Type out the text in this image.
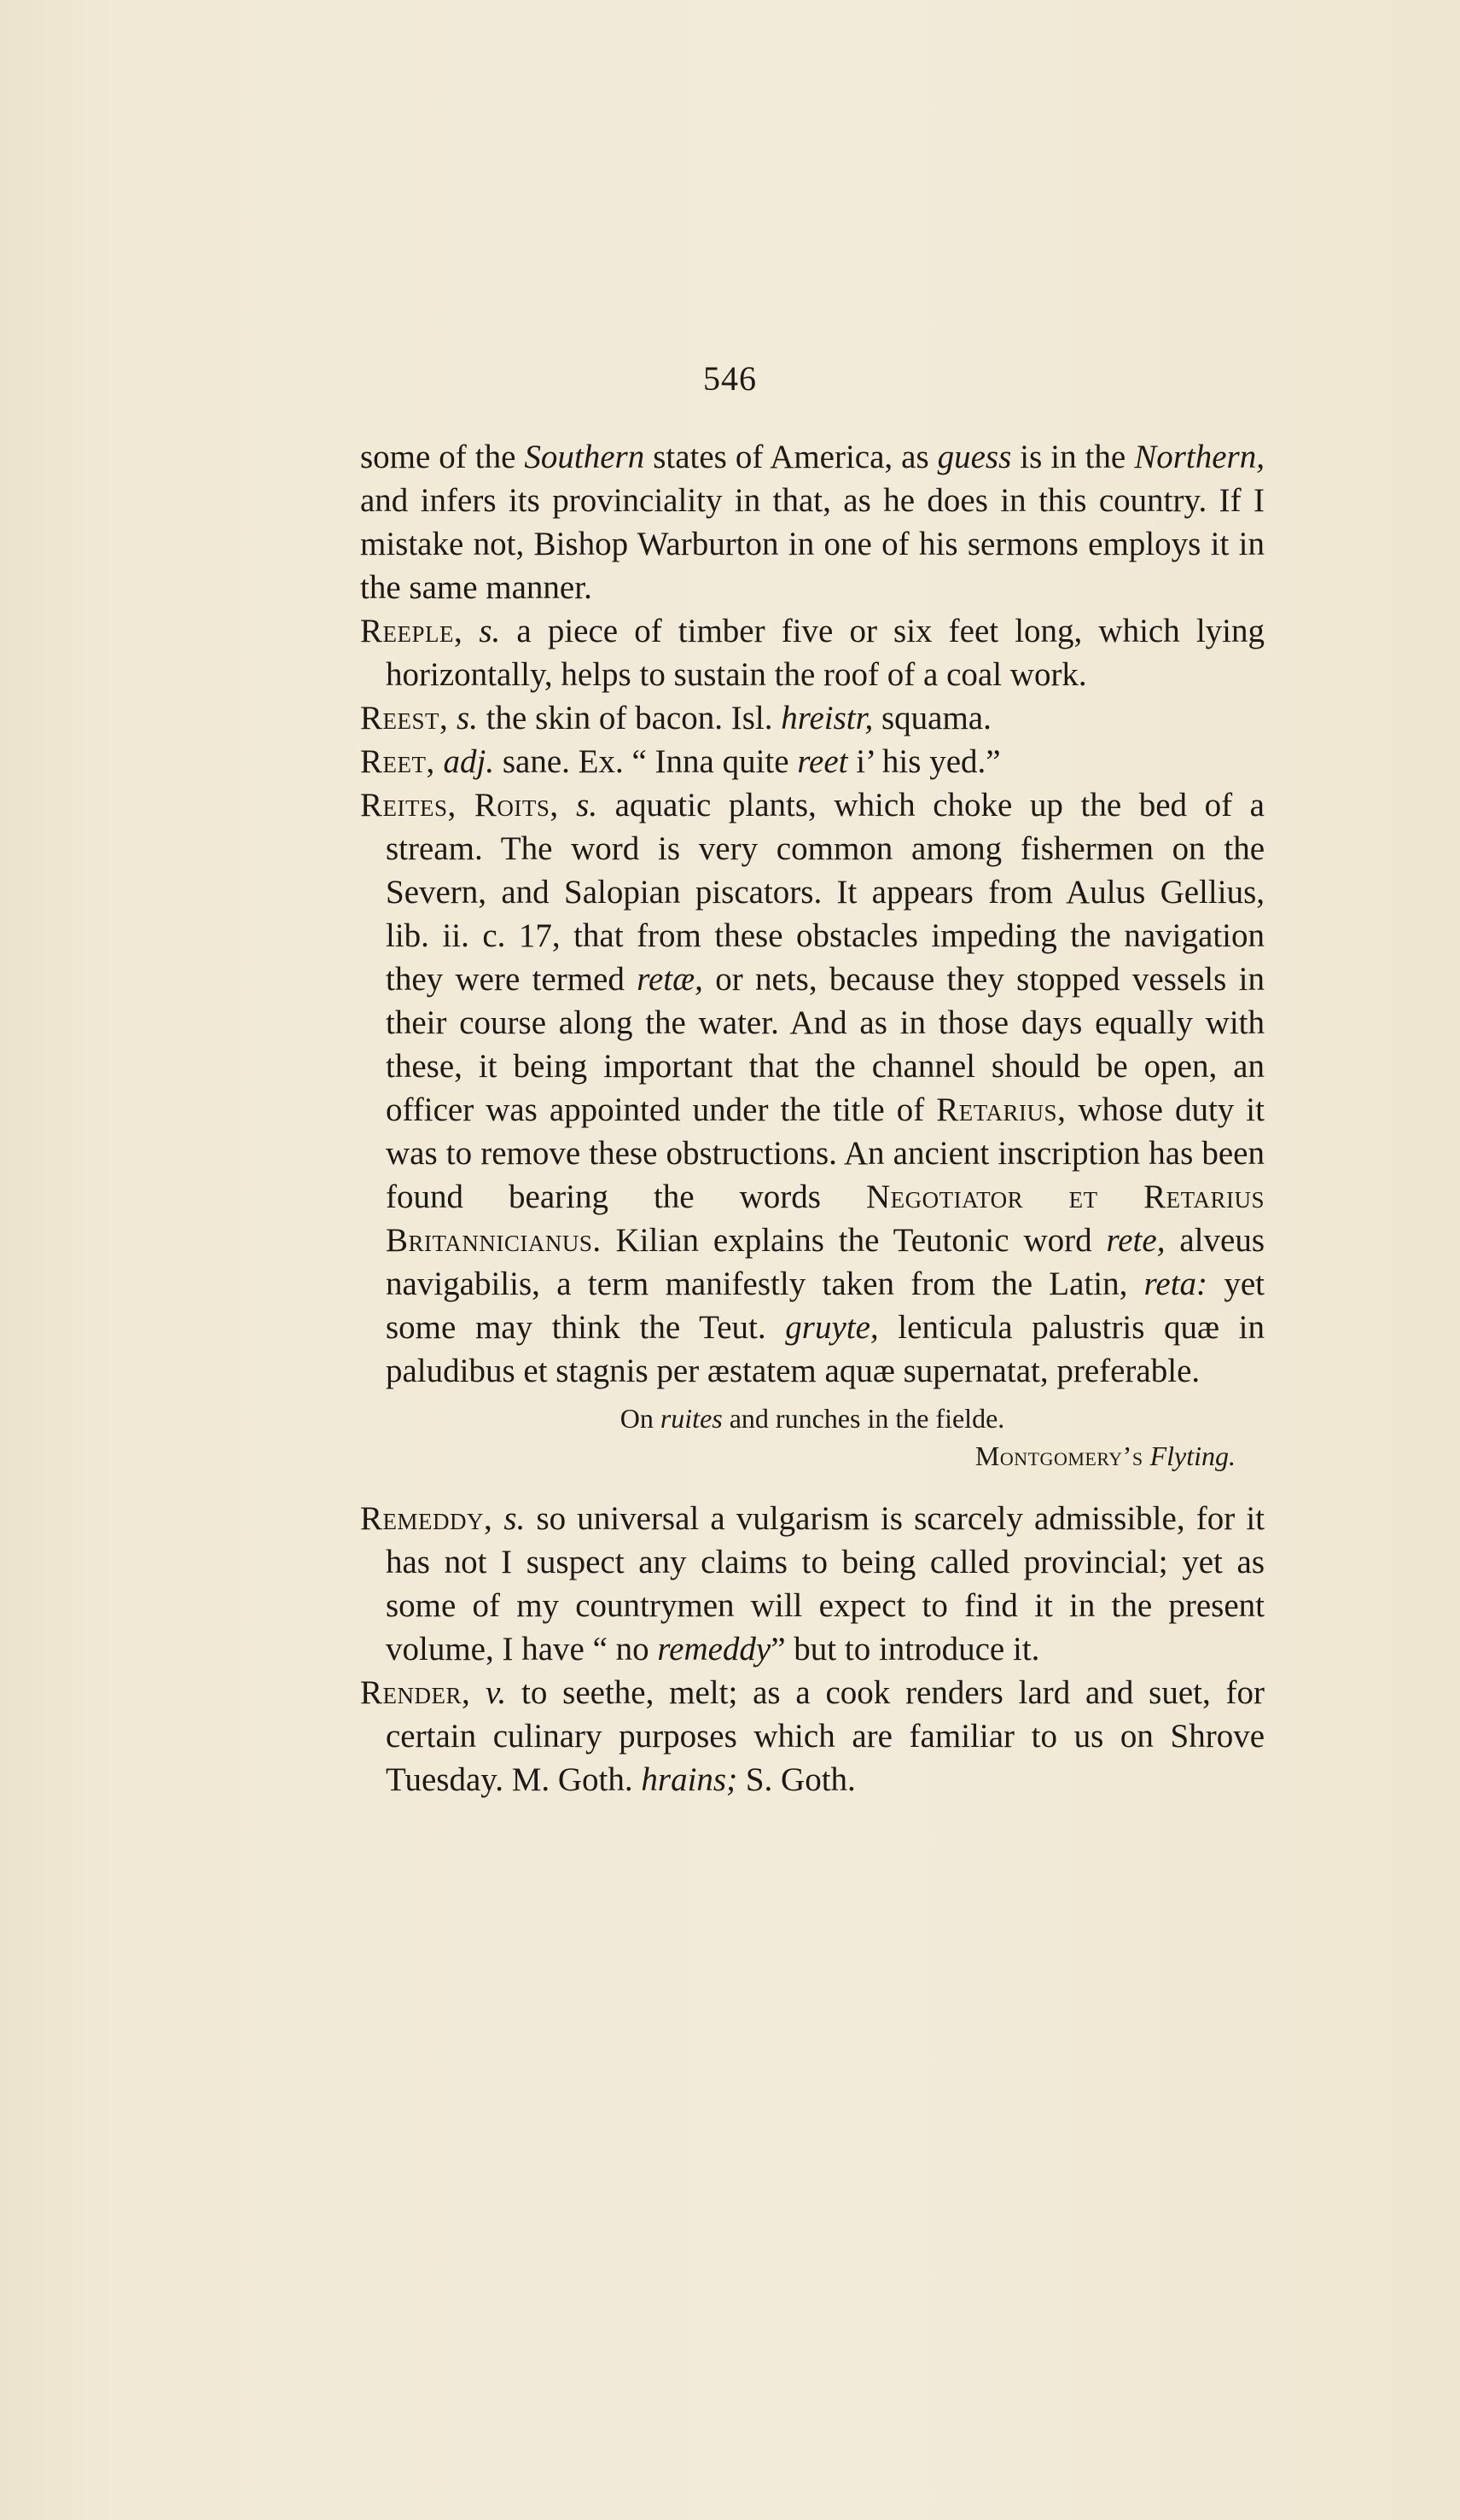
546

some of the Southern states of America, as guess is in the Northern, and infers its provinciality in that, as he does in this country. If I mistake not, Bishop Warburton in one of his sermons employs it in the same manner.

Reeple, s. a piece of timber five or six feet long, which lying horizontally, helps to sustain the roof of a coal work.

Reest, s. the skin of bacon. Isl. hreistr, squama.

Reet, adj. sane. Ex. “ Inna quite reet i’ his yed.”

Reites, Roits, s. aquatic plants, which choke up the bed of a stream. The word is very common among fishermen on the Severn, and Salopian piscators. It appears from Aulus Gellius, lib. ii. c. 17, that from these obstacles impeding the navigation they were termed retæ, or nets, because they stopped vessels in their course along the water. And as in those days equally with these, it being important that the channel should be open, an officer was appointed under the title of Retarius, whose duty it was to remove these obstructions. An ancient inscription has been found bearing the words Negotiator et Retarius Britannicianus. Kilian explains the Teutonic word rete, alveus navigabilis, a term manifestly taken from the Latin, reta: yet some may think the Teut. gruyte, lenticula palustris quæ in paludibus et stagnis per æstatem aquæ supernatat, preferable.

On ruites and runches in the fielde.
Montgomery’s Flyting.

Remeddy, s. so universal a vulgarism is scarcely admissible, for it has not I suspect any claims to being called provincial; yet as some of my countrymen will expect to find it in the present volume, I have “ no remeddy” but to introduce it.

Render, v. to seethe, melt; as a cook renders lard and suet, for certain culinary purposes which are familiar to us on Shrove Tuesday. M. Goth. hrains; S. Goth.
